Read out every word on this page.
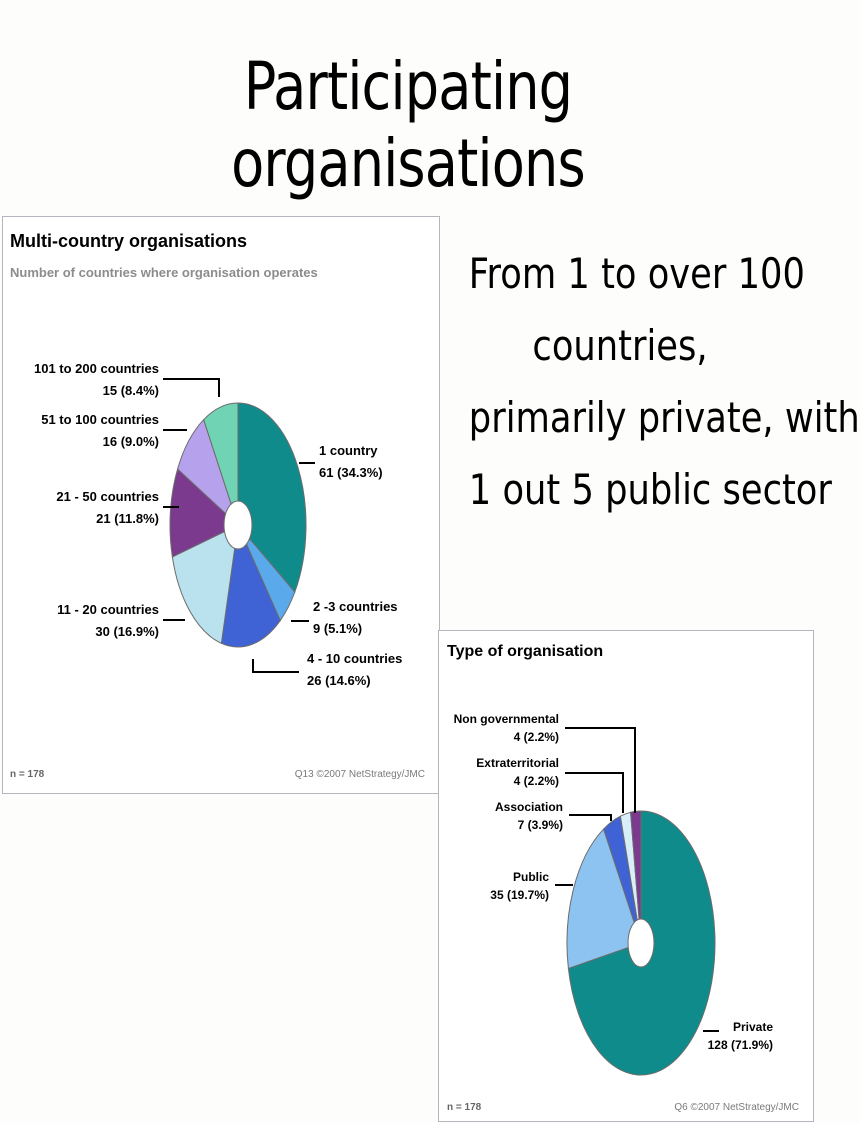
Participating organisations
From 1 to over 100
countries,
primarily private, with
1 out 5 public sector
Multi-country organisations
Number of countries where organisation operates
1 country
61 (34.3%)
2 -3 countries
9 (5.1%)
4 - 10 countries
26 (14.6%)
11 - 20 countries
30 (16.9%)
21 - 50 countries
21 (11.8%)
51 to 100 countries
16 (9.0%)
101 to 200 countries
15 (8.4%)
n = 178	Q13 ©2007 NetStrategy/JMC
Type of organisation
Private
128 (71.9%)
Public
35 (19.7%)
Association
7 (3.9%)
Extraterritorial
4 (2.2%)
Non governmental
4 (2.2%)
n = 178	Q6 ©2007 NetStrategy/JMC
